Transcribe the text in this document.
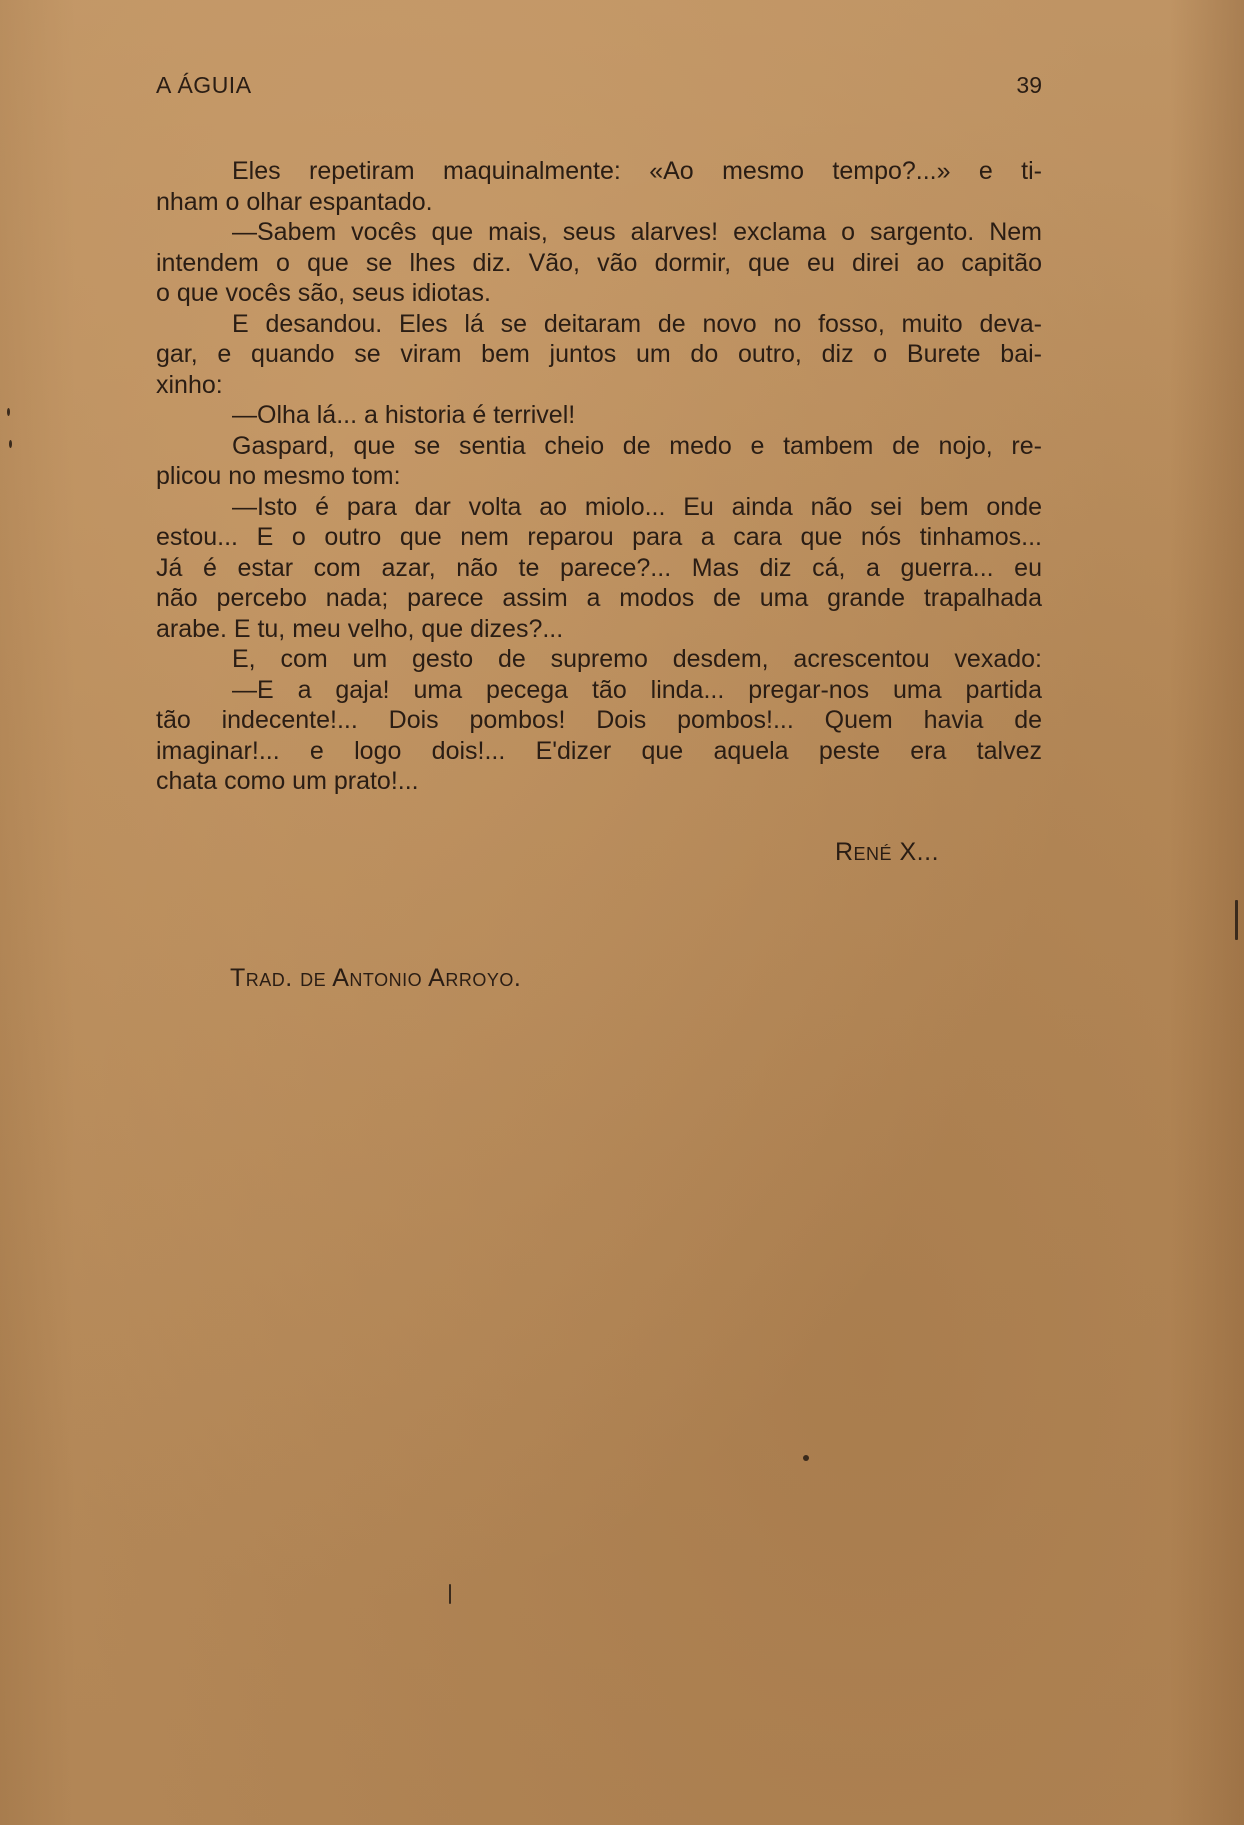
A ÁGUIA	39
Eles repetiram maquinalmente: «Ao mesmo tempo?...» e ti-
nham o olhar espantado.
—Sabem vocês que mais, seus alarves! exclama o sargento. Nem
intendem o que se lhes diz. Vão, vão dormir, que eu direi ao capitão
o que vocês são, seus idiotas.
E desandou. Eles lá se deitaram de novo no fosso, muito deva-
gar, e quando se viram bem juntos um do outro, diz o Burete bai-
xinho:
—Olha lá... a historia é terrivel!
Gaspard, que se sentia cheio de medo e tambem de nojo, re-
plicou no mesmo tom:
—Isto é para dar volta ao miolo... Eu ainda não sei bem onde
estou... E o outro que nem reparou para a cara que nós tinhamos...
Já é estar com azar, não te parece?... Mas diz cá, a guerra... eu
não percebo nada; parece assim a modos de uma grande trapalhada
arabe. E tu, meu velho, que dizes?...
E, com um gesto de supremo desdem, acrescentou vexado:
—E a gaja! uma pecega tão linda... pregar-nos uma partida
tão indecente!... Dois pombos! Dois pombos!... Quem havia de
imaginar!... e logo dois!... E'dizer que aquela peste era talvez
chata como um prato!...
René X...
Trad. de Antonio Arroyo.
